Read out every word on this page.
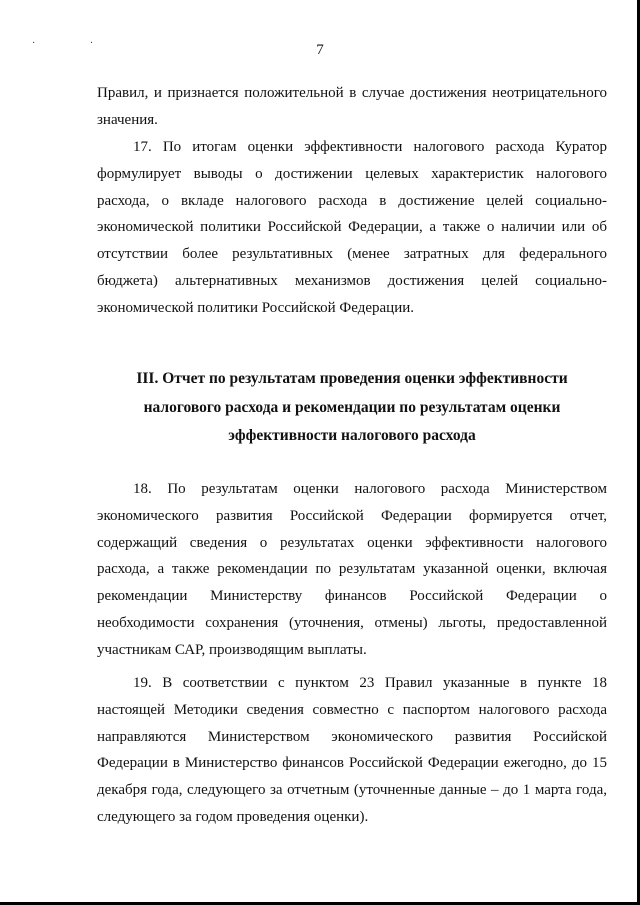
· ·	7

Правил, и признается положительной в случае достижения неотрицательного значения.

17. По итогам оценки эффективности налогового расхода Куратор формулирует выводы о достижении целевых характеристик налогового расхода, о вкладе налогового расхода в достижение целей социально-экономической политики Российской Федерации, а также о наличии или об отсутствии более результативных (менее затратных для федерального бюджета) альтернативных механизмов достижения целей социально-экономической политики Российской Федерации.

III. Отчет по результатам проведения оценки эффективности
налогового расхода и рекомендации по результатам оценки
эффективности налогового расхода

18. По результатам оценки налогового расхода Министерством экономического развития Российской Федерации формируется отчет, содержащий сведения о результатах оценки эффективности налогового расхода, а также рекомендации по результатам указанной оценки, включая рекомендации Министерству финансов Российской Федерации о необходимости сохранения (уточнения, отмены) льготы, предоставленной участникам САР, производящим выплаты.

19. В соответствии с пунктом 23 Правил указанные в пункте 18 настоящей Методики сведения совместно с паспортом налогового расхода направляются Министерством экономического развития Российской Федерации в Министерство финансов Российской Федерации ежегодно, до 15 декабря года, следующего за отчетным (уточненные данные – до 1 марта года, следующего за годом проведения оценки).
